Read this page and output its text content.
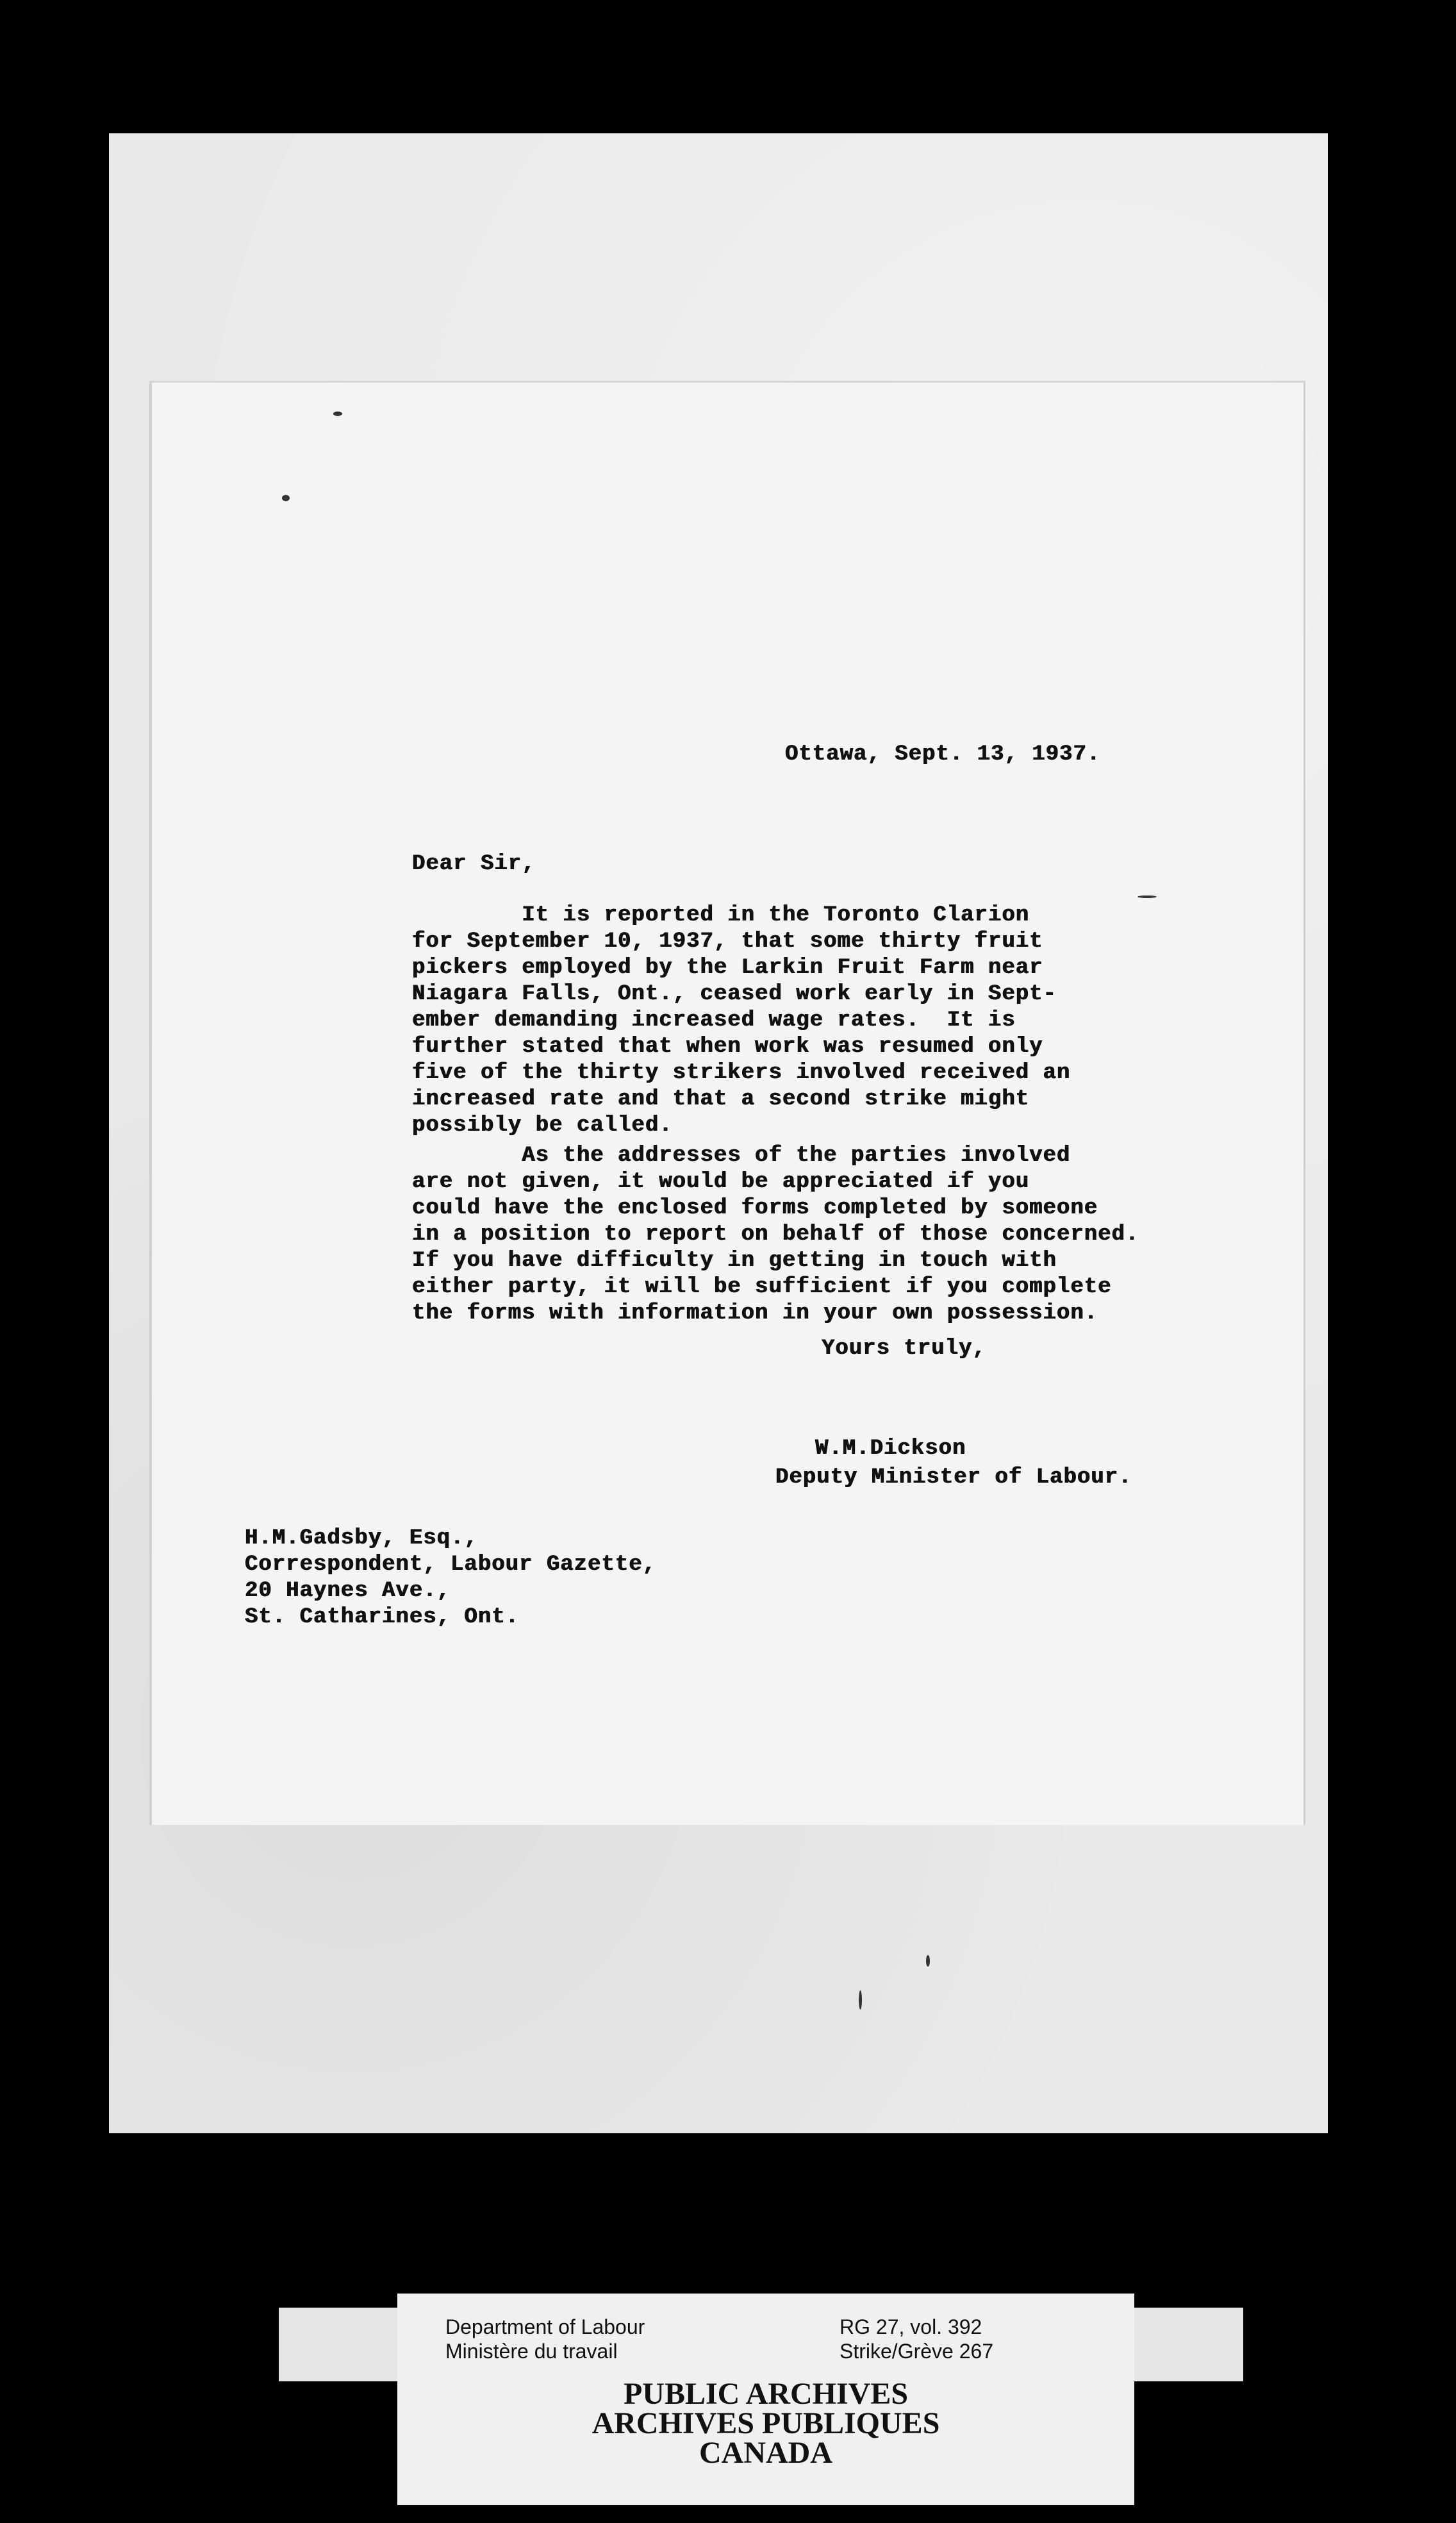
Ottawa, Sept. 13, 1937.
Dear Sir,
It is reported in the Toronto Clarion
for September 10, 1937, that some thirty fruit
pickers employed by the Larkin Fruit Farm near
Niagara Falls, Ont., ceased work early in Sept-
ember demanding increased wage rates.  It is
further stated that when work was resumed only
five of the thirty strikers involved received an
increased rate and that a second strike might
possibly be called.
As the addresses of the parties involved
are not given, it would be appreciated if you
could have the enclosed forms completed by someone
in a position to report on behalf of those concerned.
If you have difficulty in getting in touch with
either party, it will be sufficient if you complete
the forms with information in your own possession.
Yours truly,
W.M.Dickson
Deputy Minister of Labour.
H.M.Gadsby, Esq.,
Correspondent, Labour Gazette,
20 Haynes Ave.,
St. Catharines, Ont.
Department of Labour
Ministère du travail
RG 27, vol. 392
Strike/Grève 267
PUBLIC ARCHIVES
ARCHIVES PUBLIQUES
CANADA
